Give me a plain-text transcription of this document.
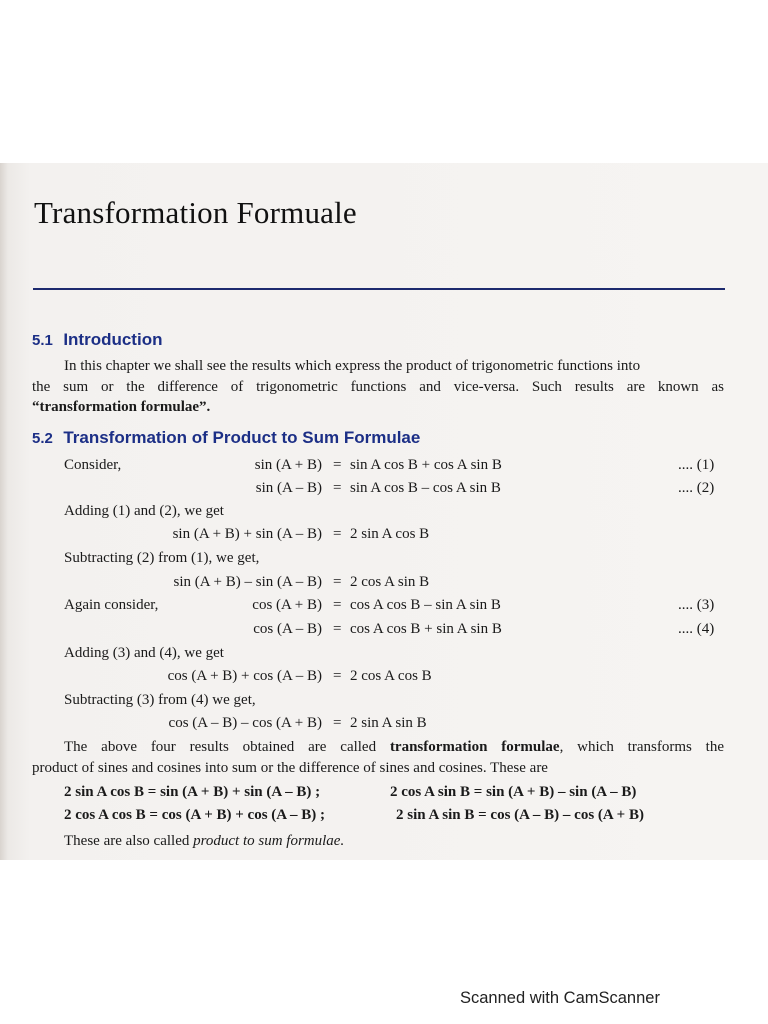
Transformation Formuale
5.1 Introduction
In this chapter we shall see the results which express the product of trigonometric functions into
the sum or the difference of trigonometric functions and vice-versa. Such results are known as
“transformation formulae”.
5.2 Transformation of Product to Sum Formulae
Consider,	sin (A + B) = sin A cos B + cos A sin B	.... (1)
sin (A – B) = sin A cos B – cos A sin B	.... (2)
Adding (1) and (2), we get
sin (A + B) + sin (A – B) = 2 sin A cos B
Subtracting (2) from (1), we get,
sin (A + B) – sin (A – B) = 2 cos A sin B
Again consider,	cos (A + B) = cos A cos B – sin A sin B	.... (3)
cos (A – B) = cos A cos B + sin A sin B	.... (4)
Adding (3) and (4), we get
cos (A + B) + cos (A – B) = 2 cos A cos B
Subtracting (3) from (4) we get,
cos (A – B) – cos (A + B) = 2 sin A sin B
The above four results obtained are called transformation formulae, which transforms the
product of sines and cosines into sum or the difference of sines and cosines. These are
2 sin A cos B = sin (A + B) + sin (A – B) ;	2 cos A sin B = sin (A + B) – sin (A – B)
2 cos A cos B = cos (A + B) + cos (A – B) ;	2 sin A sin B = cos (A – B) – cos (A + B)
These are also called product to sum formulae.
Scanned with CamScanner
